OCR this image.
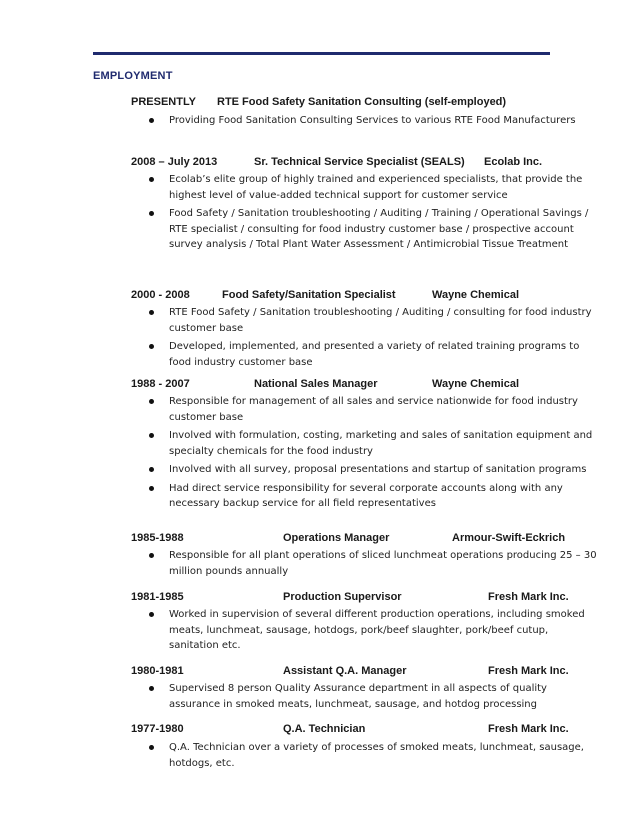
EMPLOYMENT
PRESENTLY RTE Food Safety Sanitation Consulting (self-employed)
Providing Food Sanitation Consulting Services to various RTE Food Manufacturers
2008 – July 2013	Sr. Technical Service Specialist (SEALS) Ecolab Inc.
Ecolab’s elite group of highly trained and experienced specialists, that provide the highest level of value-added technical support for customer service
Food Safety / Sanitation troubleshooting / Auditing / Training / Operational Savings / RTE specialist / consulting for food industry customer base / prospective account survey analysis / Total Plant Water Assessment / Antimicrobial Tissue Treatment
2000 - 2008	Food Safety/Sanitation Specialist	Wayne Chemical
RTE Food Safety / Sanitation troubleshooting / Auditing / consulting for food industry customer base
Developed, implemented, and presented a variety of related training programs to food industry customer base
1988 - 2007	National Sales Manager	Wayne Chemical
Responsible for management of all sales and service nationwide for food industry customer base
Involved with formulation, costing, marketing and sales of sanitation equipment and specialty chemicals for the food industry
Involved with all survey, proposal presentations and startup of sanitation programs
Had direct service responsibility for several corporate accounts along with any necessary backup service for all field representatives
1985-1988	Operations Manager	Armour-Swift-Eckrich
Responsible for all plant operations of sliced lunchmeat operations producing 25 – 30 million pounds annually
1981-1985	Production Supervisor	Fresh Mark Inc.
Worked in supervision of several different production operations, including smoked meats, lunchmeat, sausage, hotdogs, pork/beef slaughter, pork/beef cutup, sanitation etc.
1980-1981	Assistant Q.A. Manager	Fresh Mark Inc.
Supervised 8 person Quality Assurance department in all aspects of quality assurance in smoked meats, lunchmeat, sausage, and hotdog processing
1977-1980	Q.A. Technician	Fresh Mark Inc.
Q.A. Technician over a variety of processes of smoked meats, lunchmeat, sausage, hotdogs, etc.
